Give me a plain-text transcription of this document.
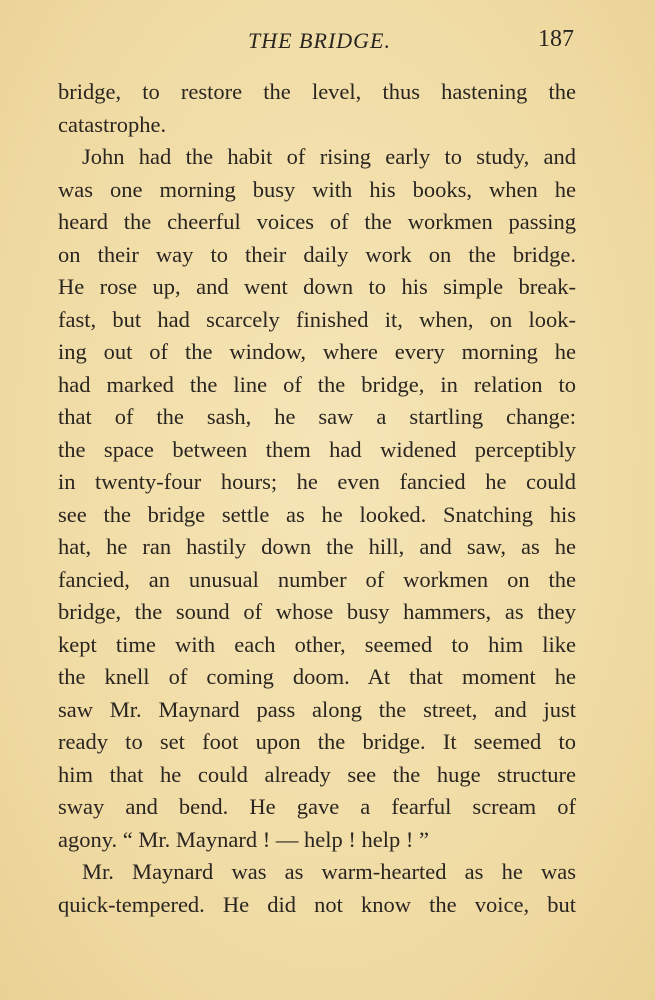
THE BRIDGE.	187
bridge, to restore the level, thus hastening the
catastrophe.
John had the habit of rising early to study, and
was one morning busy with his books, when he
heard the cheerful voices of the workmen passing
on their way to their daily work on the bridge.
He rose up, and went down to his simple break-
fast, but had scarcely finished it, when, on look-
ing out of the window, where every morning he
had marked the line of the bridge, in relation to
that of the sash, he saw a startling change:
the space between them had widened perceptibly
in twenty-four hours; he even fancied he could
see the bridge settle as he looked. Snatching his
hat, he ran hastily down the hill, and saw, as he
fancied, an unusual number of workmen on the
bridge, the sound of whose busy hammers, as they
kept time with each other, seemed to him like
the knell of coming doom. At that moment he
saw Mr. Maynard pass along the street, and just
ready to set foot upon the bridge. It seemed to
him that he could already see the huge structure
sway and bend. He gave a fearful scream of
agony. “ Mr. Maynard ! — help ! help ! ”
Mr. Maynard was as warm-hearted as he was
quick-tempered. He did not know the voice, but
